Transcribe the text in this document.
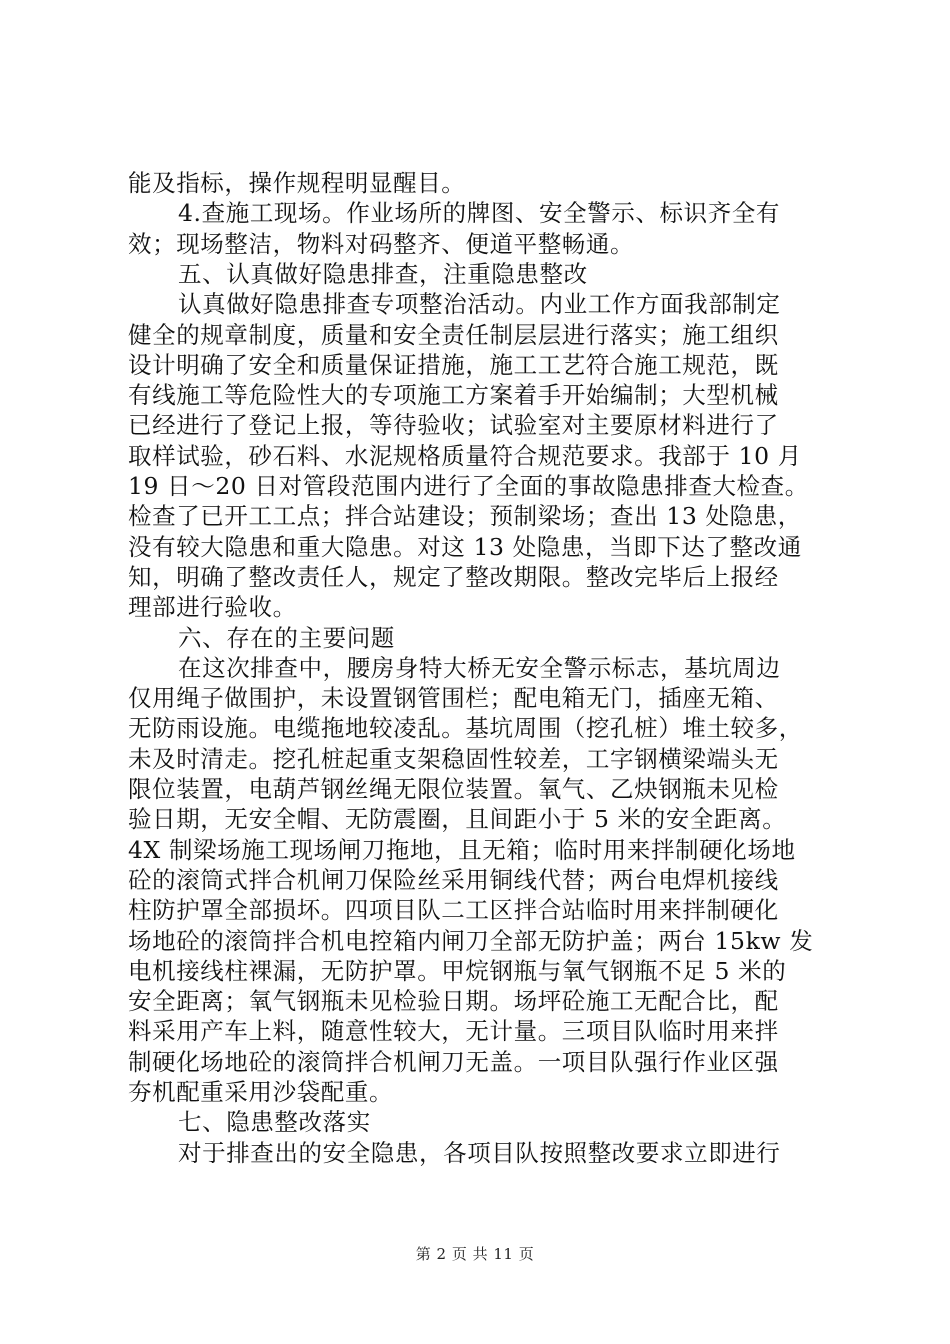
能及指标，操作规程明显醒目。
4.查施工现场。作业场所的牌图、安全警示、标识齐全有
效；现场整洁，物料对码整齐、便道平整畅通。
五、认真做好隐患排查，注重隐患整改
认真做好隐患排查专项整治活动。内业工作方面我部制定
健全的规章制度，质量和安全责任制层层进行落实；施工组织
设计明确了安全和质量保证措施，施工工艺符合施工规范，既
有线施工等危险性大的专项施工方案着手开始编制；大型机械
已经进行了登记上报，等待验收；试验室对主要原材料进行了
取样试验，砂石料、水泥规格质量符合规范要求。我部于 10 月
19 日～20 日对管段范围内进行了全面的事故隐患排查大检查。
检查了已开工工点；拌合站建设；预制梁场；查出 13 处隐患，
没有较大隐患和重大隐患。对这 13 处隐患，当即下达了整改通
知，明确了整改责任人，规定了整改期限。整改完毕后上报经
理部进行验收。
六、存在的主要问题
在这次排查中，腰房身特大桥无安全警示标志，基坑周边
仅用绳子做围护，未设置钢管围栏；配电箱无门，插座无箱、
无防雨设施。电缆拖地较凌乱。基坑周围（挖孔桩）堆土较多，
未及时清走。挖孔桩起重支架稳固性较差，工字钢横梁端头无
限位装置，电葫芦钢丝绳无限位装置。氧气、乙炔钢瓶未见检
验日期，无安全帽、无防震圈，且间距小于 5 米的安全距离。
4X 制梁场施工现场闸刀拖地，且无箱；临时用来拌制硬化场地
砼的滚筒式拌合机闸刀保险丝采用铜线代替；两台电焊机接线
柱防护罩全部损坏。四项目队二工区拌合站临时用来拌制硬化
场地砼的滚筒拌合机电控箱内闸刀全部无防护盖；两台 15kw 发
电机接线柱裸漏，无防护罩。甲烷钢瓶与氧气钢瓶不足 5 米的
安全距离；氧气钢瓶未见检验日期。场坪砼施工无配合比，配
料采用产车上料，随意性较大，无计量。三项目队临时用来拌
制硬化场地砼的滚筒拌合机闸刀无盖。一项目队强行作业区强
夯机配重采用沙袋配重。
七、隐患整改落实
对于排查出的安全隐患，各项目队按照整改要求立即进行
第 2 页 共 11 页
